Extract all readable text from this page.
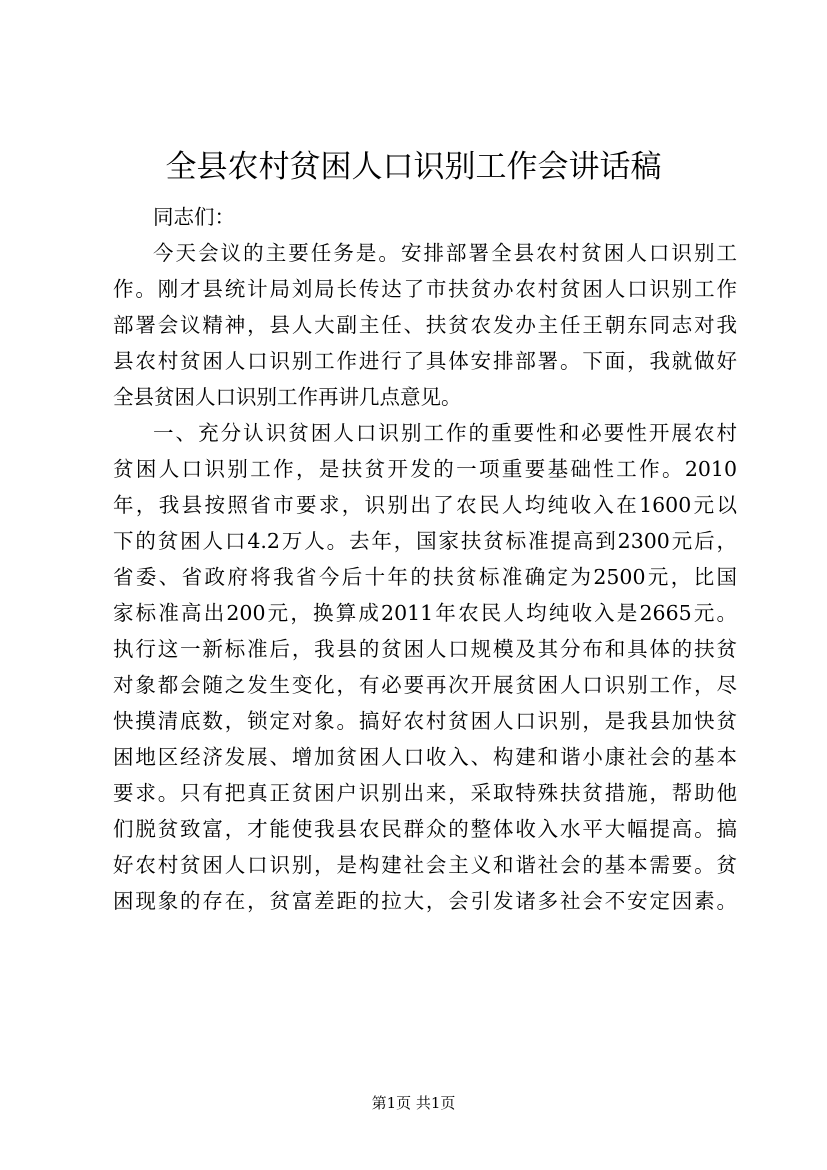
全县农村贫困人口识别工作会讲话稿
同志们：
今天会议的主要任务是。安排部署全县农村贫困人口识别工
作。刚才县统计局刘局长传达了市扶贫办农村贫困人口识别工作
部署会议精神，县人大副主任、扶贫农发办主任王朝东同志对我
县农村贫困人口识别工作进行了具体安排部署。下面，我就做好
全县贫困人口识别工作再讲几点意见。
一、充分认识贫困人口识别工作的重要性和必要性开展农村
贫困人口识别工作，是扶贫开发的一项重要基础性工作。2010
年，我县按照省市要求，识别出了农民人均纯收入在1600元以
下的贫困人口4.2万人。去年，国家扶贫标准提高到2300元后，
省委、省政府将我省今后十年的扶贫标准确定为2500元，比国
家标准高出200元，换算成2011年农民人均纯收入是2665元。
执行这一新标准后，我县的贫困人口规模及其分布和具体的扶贫
对象都会随之发生变化，有必要再次开展贫困人口识别工作，尽
快摸清底数，锁定对象。搞好农村贫困人口识别，是我县加快贫
困地区经济发展、增加贫困人口收入、构建和谐小康社会的基本
要求。只有把真正贫困户识别出来，采取特殊扶贫措施，帮助他
们脱贫致富，才能使我县农民群众的整体收入水平大幅提高。搞
好农村贫困人口识别，是构建社会主义和谐社会的基本需要。贫
困现象的存在，贫富差距的拉大，会引发诸多社会不安定因素。
第1页 共1页
